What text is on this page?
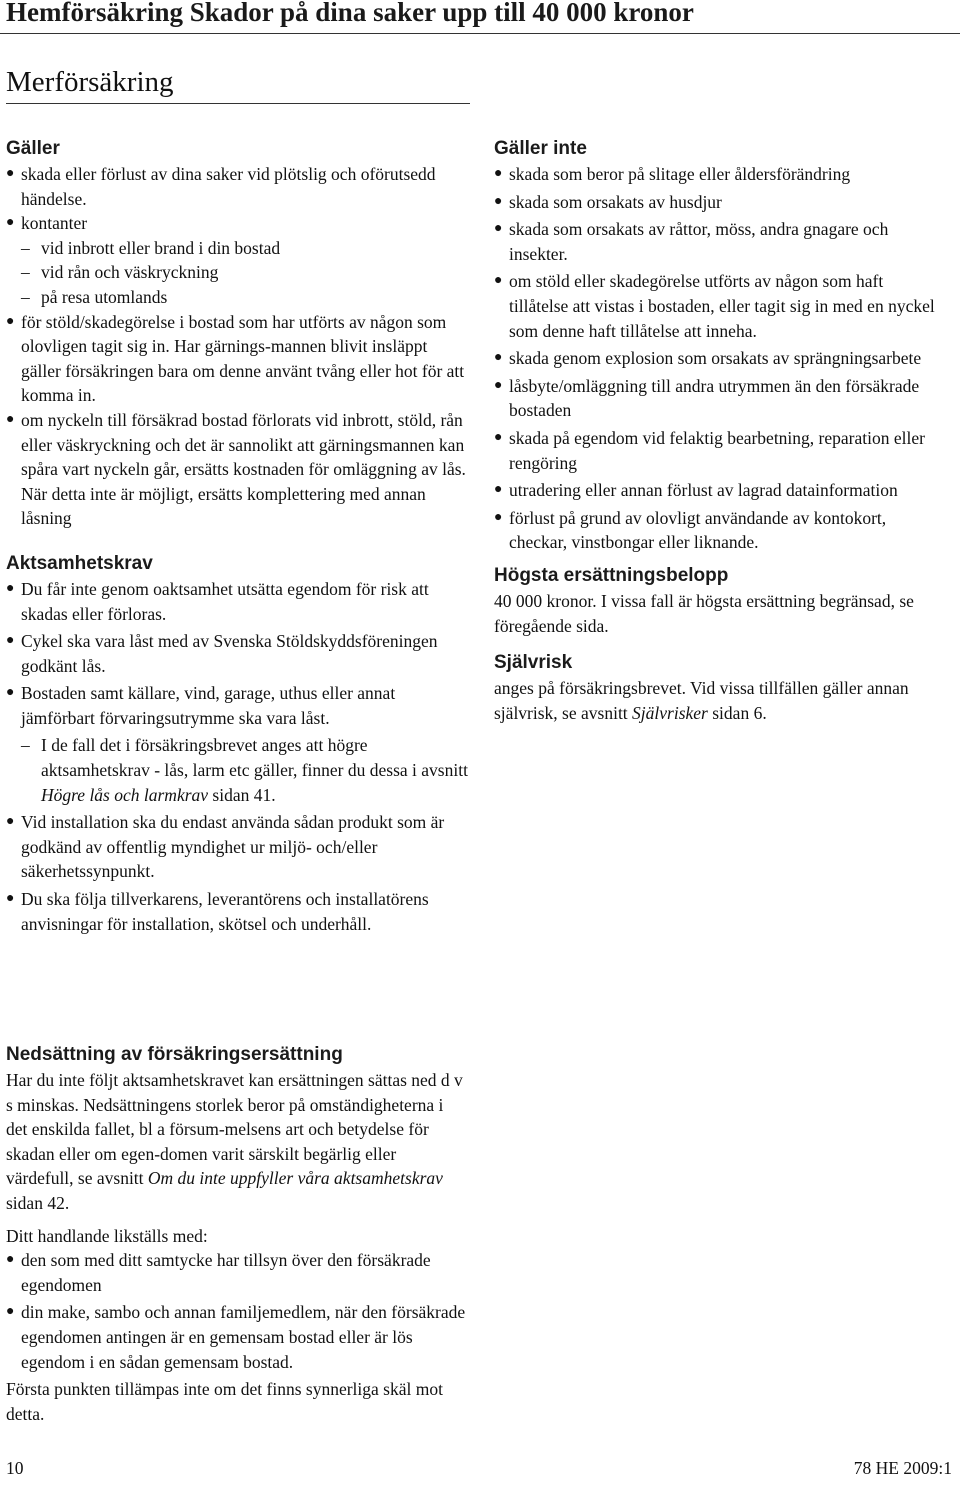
Hemförsäkring Skador på dina saker upp till 40 000 kronor
Merförsäkring
Gäller
● skada eller förlust av dina saker vid plötslig och oförutsedd händelse.
● kontanter
– vid inbrott eller brand i din bostad
– vid rån och väskryckning
– på resa utomlands
● för stöld/skadegörelse i bostad som har utförts av någon som olovligen tagit sig in. Har gärnings-mannen blivit insläppt gäller försäkringen bara om denne använt tvång eller hot för att komma in.
● om nyckeln till försäkrad bostad förlorats vid inbrott, stöld, rån eller väskryckning och det är sannolikt att gärningsmannen kan spåra vart nyckeln går, ersätts kostnaden för omläggning av lås. När detta inte är möjligt, ersätts komplettering med annan låsning
Aktsamhetskrav
● Du får inte genom oaktsamhet utsätta egendom för risk att skadas eller förloras.
● Cykel ska vara låst med av Svenska Stöldskyddsföreningen godkänt lås.
● Bostaden samt källare, vind, garage, uthus eller annat jämförbart förvaringsutrymme ska vara låst.
– I de fall det i försäkringsbrevet anges att högre aktsamhetskrav - lås, larm etc gäller, finner du dessa i avsnitt Högre lås och larmkrav sidan 41.
● Vid installation ska du endast använda sådan produkt som är godkänd av offentlig myndighet ur miljö- och/eller säkerhetssynpunkt.
● Du ska följa tillverkarens, leverantörens och installatörens anvisningar för installation, skötsel och underhåll.
Gäller inte
● skada som beror på slitage eller åldersförändring
● skada som orsakats av husdjur
● skada som orsakats av råttor, möss, andra gnagare och insekter.
● om stöld eller skadegörelse utförts av någon som haft tillåtelse att vistas i bostaden, eller tagit sig in med en nyckel som denne haft tillåtelse att inneha.
● skada genom explosion som orsakats av sprängningsarbete
● låsbyte/omläggning till andra utrymmen än den försäkrade bostaden
● skada på egendom vid felaktig bearbetning, reparation eller rengöring
● utradering eller annan förlust av lagrad datainformation
● förlust på grund av olovligt användande av kontokort, checkar, vinstbongar eller liknande.
Högsta ersättningsbelopp

40 000 kronor. I vissa fall är högsta ersättning begränsad, se föregående sida.

Självrisk

anges på försäkringsbrevet. Vid vissa tillfällen gäller annan självrisk, se avsnitt Självrisker sidan 6.

Nedsättning av försäkringsersättning

Har du inte följt aktsamhetskravet kan ersättningen sättas ned d v s minskas. Nedsättningens storlek beror på omständigheterna i det enskilda fallet, bl a försum-melsens art och betydelse för skadan eller om egen-domen varit särskilt begärlig eller värdefull, se avsnitt Om du inte uppfyller våra aktsamhetskrav sidan 42.

Ditt handlande likställs med:

● den som med ditt samtycke har tillsyn över den försäkrade egendomen
● din make, sambo och annan familjemedlem, när den försäkrade egendomen antingen är en gemensam bostad eller är lös egendom i en sådan gemensam bostad.

Första punkten tillämpas inte om det finns synnerliga skäl mot detta.

10	78 HE 2009:1
